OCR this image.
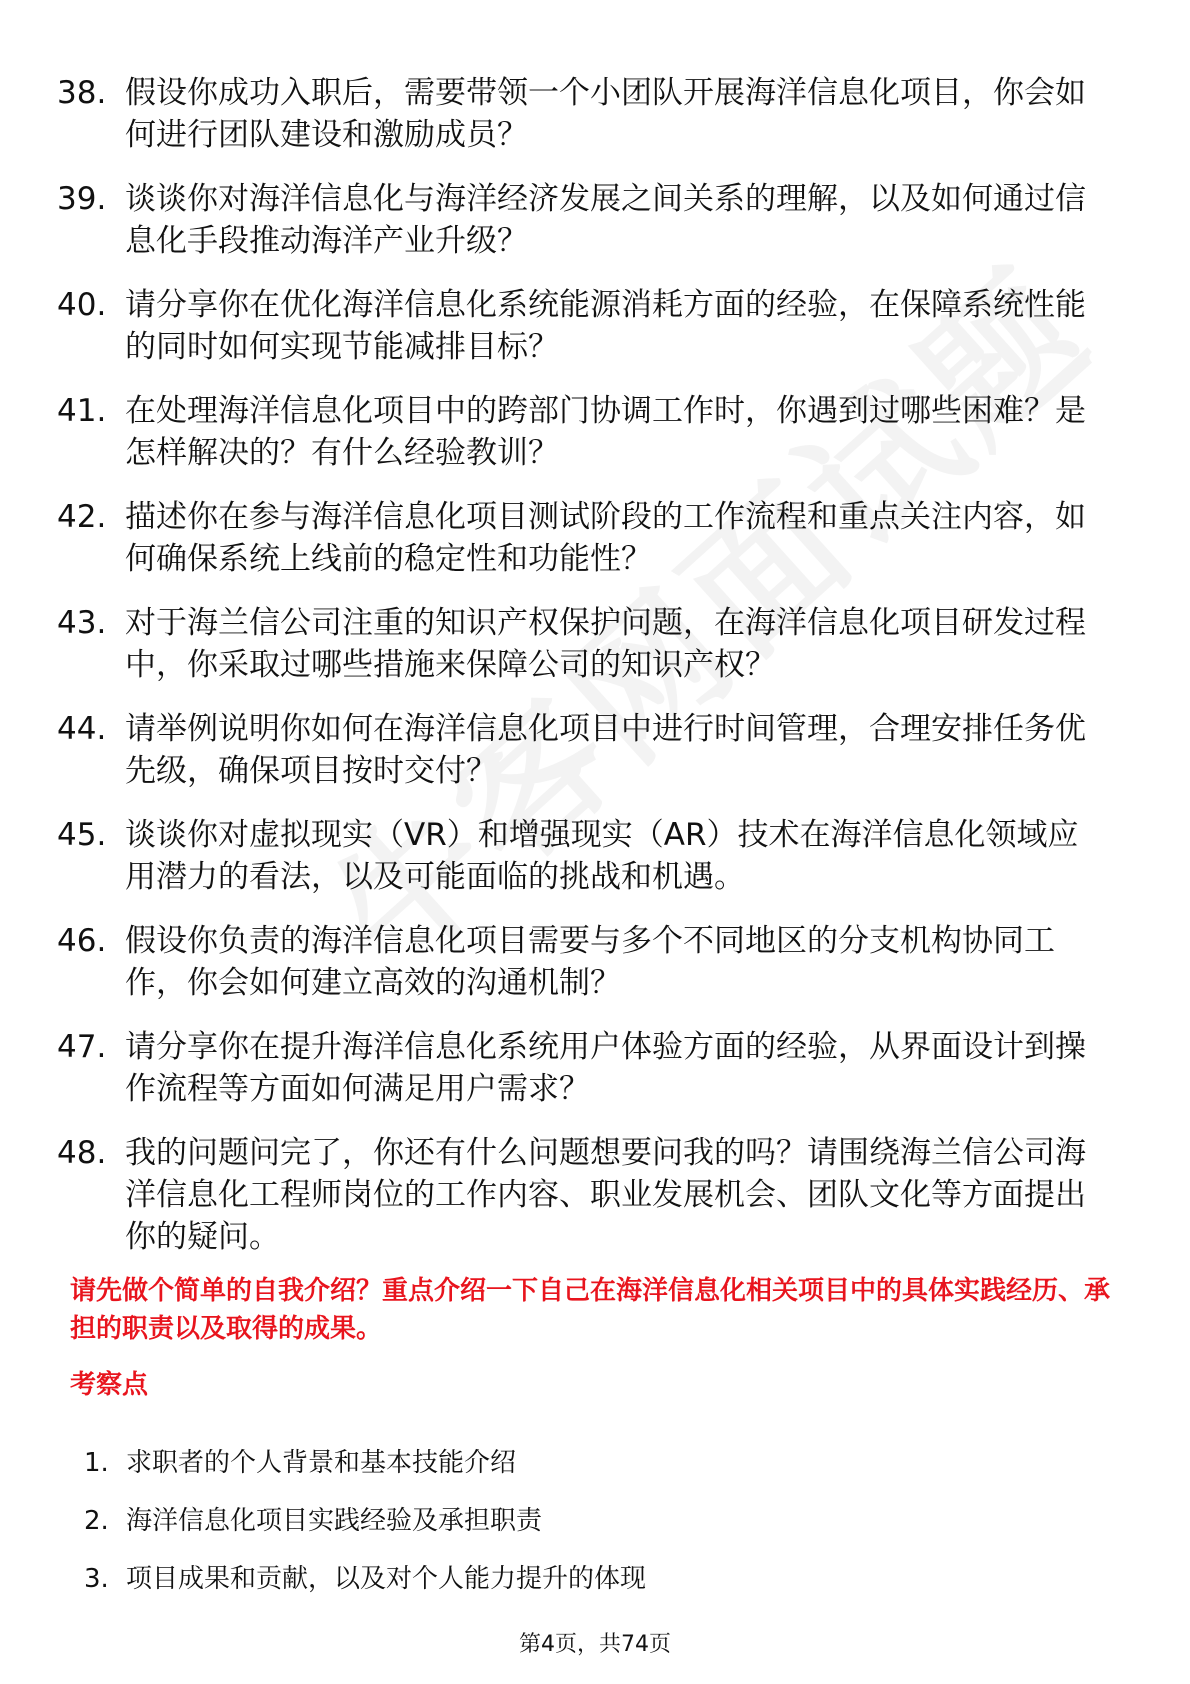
38. 假设你成功入职后，需要带领一个小团队开展海洋信息化项目，你会如何进行团队建设和激励成员？
39. 谈谈你对海洋信息化与海洋经济发展之间关系的理解，以及如何通过信息化手段推动海洋产业升级？
40. 请分享你在优化海洋信息化系统能源消耗方面的经验，在保障系统性能的同时如何实现节能减排目标？
41. 在处理海洋信息化项目中的跨部门协调工作时，你遇到过哪些困难？是怎样解决的？有什么经验教训？
42. 描述你在参与海洋信息化项目测试阶段的工作流程和重点关注内容，如何确保系统上线前的稳定性和功能性？
43. 对于海兰信公司注重的知识产权保护问题，在海洋信息化项目研发过程中，你采取过哪些措施来保障公司的知识产权？
44. 请举例说明你如何在海洋信息化项目中进行时间管理，合理安排任务优先级，确保项目按时交付？
45. 谈谈你对虚拟现实（VR）和增强现实（AR）技术在海洋信息化领域应用潜力的看法，以及可能面临的挑战和机遇。
46. 假设你负责的海洋信息化项目需要与多个不同地区的分支机构协同工作，你会如何建立高效的沟通机制？
47. 请分享你在提升海洋信息化系统用户体验方面的经验，从界面设计到操作流程等方面如何满足用户需求？
48. 我的问题问完了，你还有什么问题想要问我的吗？请围绕海兰信公司海洋信息化工程师岗位的工作内容、职业发展机会、团队文化等方面提出你的疑问。
请先做个简单的自我介绍？重点介绍一下自己在海洋信息化相关项目中的具体实践经历、承担的职责以及取得的成果。
考察点
1. 求职者的个人背景和基本技能介绍
2. 海洋信息化项目实践经验及承担职责
3. 项目成果和贡献，以及对个人能力提升的体现
第4页，共74页
